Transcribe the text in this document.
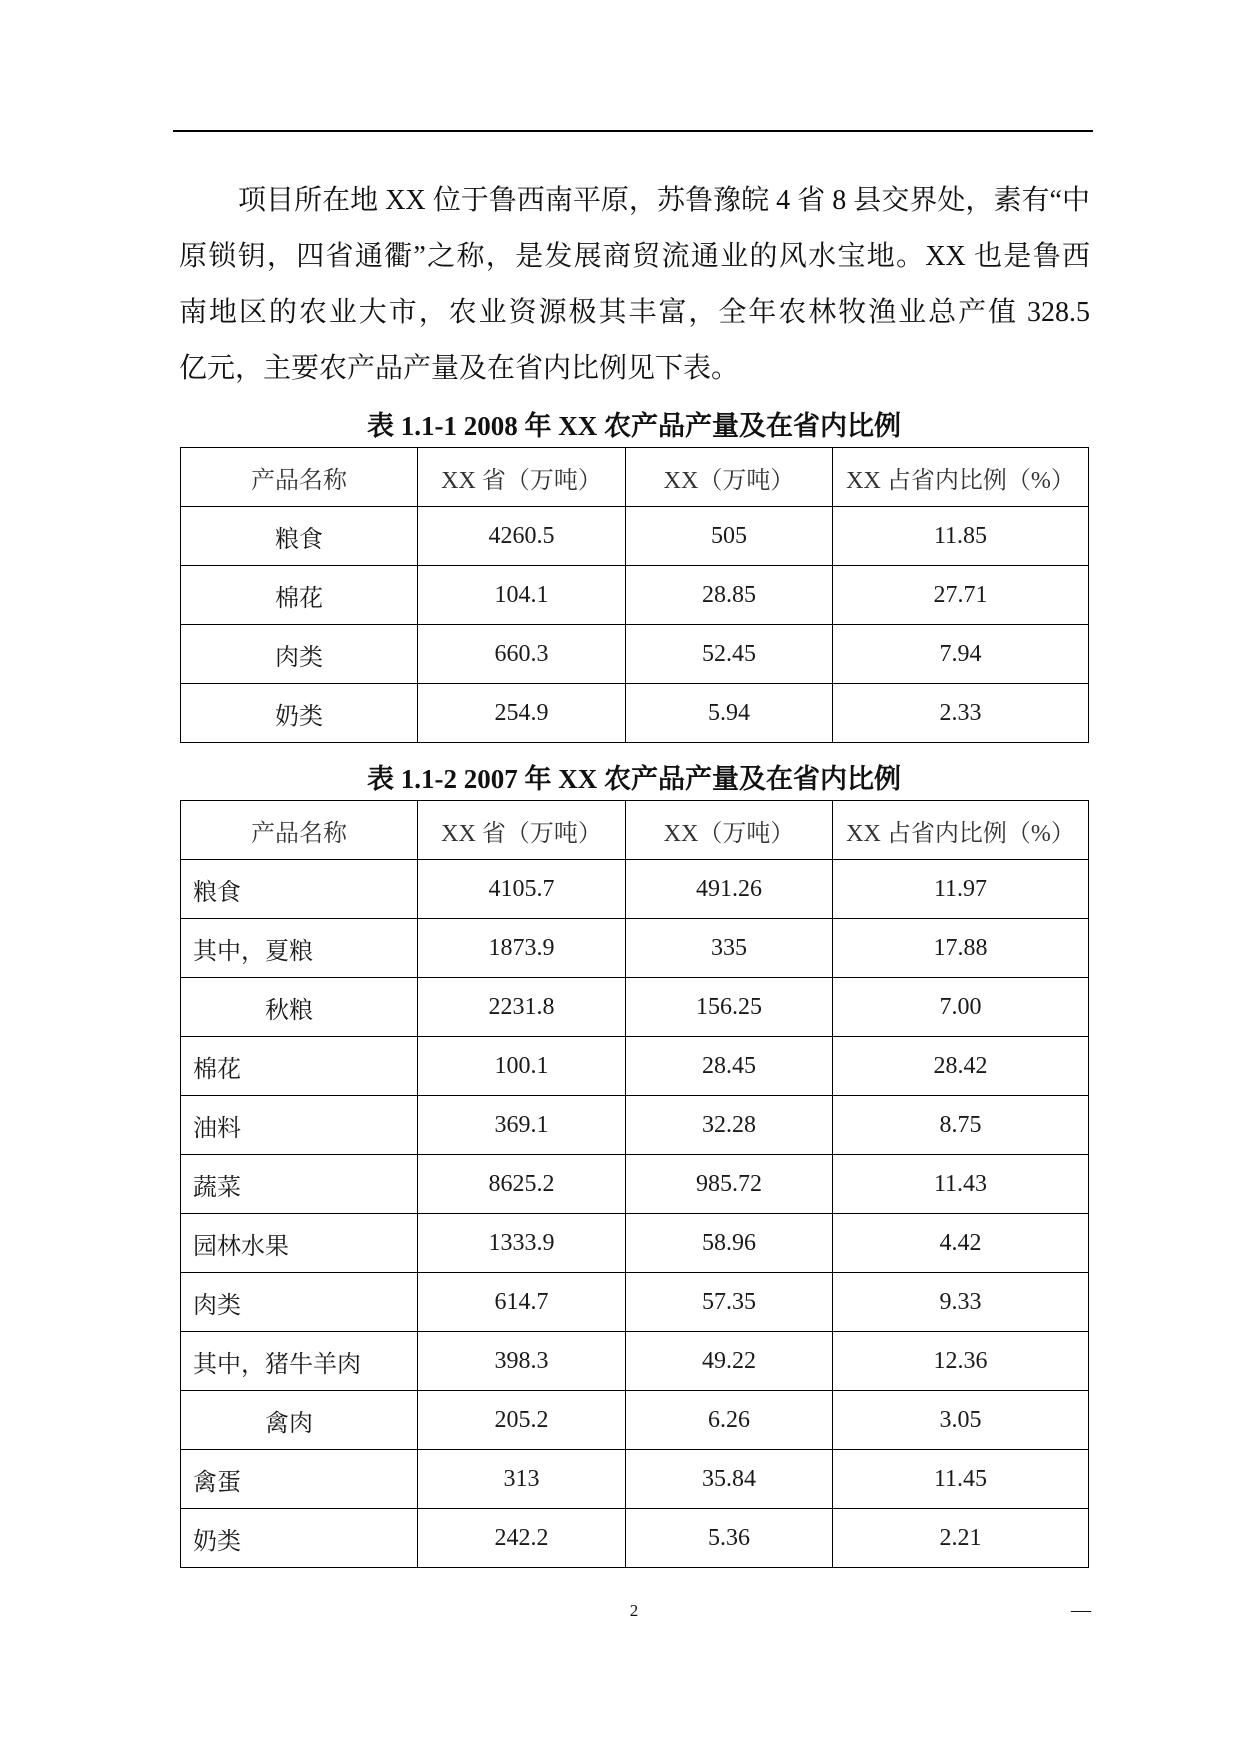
项目所在地 XX 位于鲁西南平原，苏鲁豫皖 4 省 8 县交界处，素有“中
原锁钥，四省通衢”之称，是发展商贸流通业的风水宝地。XX 也是鲁西
南地区的农业大市，农业资源极其丰富，全年农林牧渔业总产值 328.5
亿元，主要农产品产量及在省内比例见下表。
表 1.1-1 2008 年 XX 农产品产量及在省内比例
产品名称	XX 省（万吨）	XX（万吨）	XX 占省内比例（%）
粮食	4260.5	505	11.85
棉花	104.1	28.85	27.71
肉类	660.3	52.45	7.94
奶类	254.9	5.94	2.33
表 1.1-2 2007 年 XX 农产品产量及在省内比例
产品名称	XX 省（万吨）	XX（万吨）	XX 占省内比例（%）
粮食	4105.7	491.26	11.97
其中，夏粮	1873.9	335	17.88
秋粮	2231.8	156.25	7.00
棉花	100.1	28.45	28.42
油料	369.1	32.28	8.75
蔬菜	8625.2	985.72	11.43
园林水果	1333.9	58.96	4.42
肉类	614.7	57.35	9.33
其中，猪牛羊肉	398.3	49.22	12.36
禽肉	205.2	6.26	3.05
禽蛋	313	35.84	11.45
奶类	242.2	5.36	2.21
2	—
